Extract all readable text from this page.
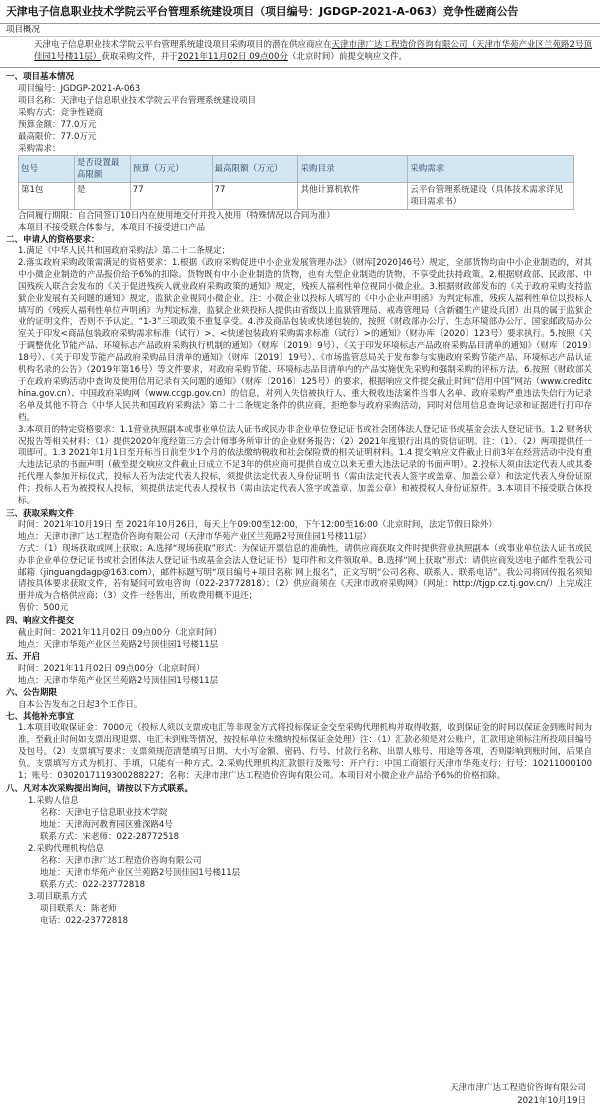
天津电子信息职业技术学院云平台管理系统建设项目（项目编号：JGDGP-2021-A-063）竞争性磋商公告
项目概况
天津电子信息职业技术学院云平台管理系统建设项目采购项目的潜在供应商应在天津市津广达工程造价咨询有限公司（天津市华苑产业区兰苑路2号顶佳园1号楼11层）获取采购文件，并于2021年11月02日 09点00分（北京时间）前提交响应文件。
一、项目基本情况
项目编号：JGDGP-2021-A-063
项目名称：天津电子信息职业技术学院云平台管理系统建设项目
采购方式：竞争性磋商
预算金额：77.0万元
最高限价：77.0万元
采购需求：
包号	是否设置最高限额	预算（万元）	最高限额（万元）	采购目录	采购需求
第1包	是	77	77	其他计算机软件	云平台管理系统建设（具体技术需求详见项目需求书）
合同履行期限：自合同签订10日内在使用地交付并投入使用（特殊情况以合同为准）
本项目不接受联合体参与，本项目不接受进口产品
二、申请人的资格要求：
1.满足《中华人民共和国政府采购法》第二十二条规定；
2.落实政府采购政策需满足的资格要求：1.根据《政府采购促进中小企业发展管理办法》（财库[2020]46号）规定，全部货物均由中小企业制造的，对其中小微企业制造的产品报价给予6%的扣除。货物既有中小企业制造的货物，也有大型企业制造的货物，不享受此扶持政策。2.根据财政部、民政部、中国残疾人联合会发布的《关于促进残疾人就业政府采购政策的通知》规定，残疾人福利性单位视同小微企业。3.根据财政部发布的《关于政府采购支持监狱企业发展有关问题的通知》规定，监狱企业视同小微企业。注：小微企业以投标人填写的《中小企业声明函》为判定标准，残疾人福利性单位以投标人填写的《残疾人福利性单位声明函》为判定标准，监狱企业须投标人提供由省级以上监狱管理局、戒毒管理局（含新疆生产建设兵团）出具的属于监狱企业的证明文件，否则不予认定。“1-3”三项政策不重复享受。4.涉及商品包装或快递包装的，按照《财政部办公厅、生态环境部办公厅、国家邮政局办公室关于印发<商品包装政府采购需求标准（试行）>、<快递包装政府采购需求标准（试行）>的通知》（财办库〔2020〕123号）要求执行。5.按照《关于调整优化节能产品、环境标志产品政府采购执行机制的通知》（财库〔2019〕9号）、《关于印发环境标志产品政府采购品目清单的通知》（财库〔2019〕18号）、《关于印发节能产品政府采购品目清单的通知》（财库〔2019〕19号）、《市场监管总局关于发布参与实施政府采购节能产品、环境标志产品认证机构名录的公告》（2019年第16号）等文件要求，对政府采购节能、环境标志品目清单内的产品实施优先采购和强制采购的评标方法。6.按照《财政部关于在政府采购活动中查询及使用信用记录有关问题的通知》（财库〔2016〕125号）的要求，根据响应文件提交截止时间“信用中国”网站（www.creditchina.gov.cn）、中国政府采购网（www.ccgp.gov.cn）的信息，对列入失信被执行人、重大税收违法案件当事人名单、政府采购严重违法失信行为记录名单及其他不符合《中华人民共和国政府采购法》第二十二条规定条件的供应商，拒绝参与政府采购活动，同时对信用信息查询记录和证据进行打印存档。
3.本项目的特定资格要求：1.1营业执照副本或事业单位法人证书或民办非企业单位登记证书或社会团体法人登记证书或基金会法人登记证书。1.2 财务状况报告等相关材料：（1）提供2020年度经第三方会计师事务所审计的企业财务报告；（2）2021年度银行出具的资信证明。注：（1）、（2）两项提供任一项即可。1.3 2021年1月1日至开标当日前至少1个月的依法缴纳税收和社会保险费的相关证明材料。1.4 提交响应文件截止日前3年在经营活动中没有重大违法记录的书面声明（截至提交响应文件截止日成立不足3年的供应商可提供自成立以来无重大违法记录的书面声明）。2.投标人须由法定代表人或其委托代理人参加开标仪式，投标人若为法定代表人投标，须提供法定代表人身份证明书（需由法定代表人签字或盖章、加盖公章）和法定代表人身份证原件；投标人若为被授权人投标，须提供法定代表人授权书（需由法定代表人签字或盖章、加盖公章）和被授权人身份证原件。3.本项目不接受联合体投标。
三、获取采购文件
时间：2021年10月19日 至 2021年10月26日，每天上午09:00至12:00，下午12:00至16:00（北京时间，法定节假日除外）
地点：天津市津广达工程造价咨询有限公司（天津市华苑产业区兰苑路2号顶佳园1号楼11层）
方式：（1）现场获取或网上获取；A.选择“现场获取”形式：为保证开票信息的准确性，请供应商获取文件时提供营业执照副本（或事业单位法人证书或民办非企业单位登记证书或社会团体法人登记证书或基金会法人登记证书）复印件和文件领取单。B.选择“网上获取”形式：请供应商发送电子邮件至我公司邮箱（jinguangdagp@163.com），邮件标题写明“项目编号+项目名称 网上报名”，正文写明“公司名称、联系人、联系电话”。我公司将回传报名须知请按具体要求获取文件，若有疑问可致电咨询（022-23772818）；（2）供应商须在《天津市政府采购网》（网址：http://tjgp.cz.tj.gov.cn/）上完成注册并成为合格供应商；（3）文件一经售出，所收费用概不退还；
售价：500元
四、响应文件提交
截止时间：2021年11月02日 09点00分（北京时间）
地点：天津市华苑产业区兰苑路2号顶佳园1号楼11层
五、开启
时间：2021年11月02日 09点00分（北京时间）
地点：天津市华苑产业区兰苑路2号顶佳园1号楼11层
六、公告期限
自本公告发布之日起3个工作日。
七、其他补充事宜
1.本项目收取保证金：7000元（投标人须以支票或电汇等非现金方式将投标保证金交至采购代理机构并取得收据，收到保证金的时间以保证金到账时间为准，至截止时间如支票出现退票、电汇未到账等情况，按投标单位未缴纳投标保证金处理）注：（1）汇款必须是对公账户，汇款用途须标注所投项目编号及包号。（2）支票填写要求：支票须规范清楚填写日期、大小写金额、密码、行号、付款行名称、出票人账号、用途等各项，否则影响到账时间，后果自负。支票填写方式为机打、手填，只能有一种方式。2.采购代理机构汇款银行及账号：开户行：中国工商银行天津市华苑支行；行号：102110001001；账号：0302017119300288227；名称：天津市津广达工程造价咨询有限公司。本项目对小微企业产品给予6%的价格扣除。
八、凡对本次采购提出询问，请按以下方式联系。
1.采购人信息
名称：天津电子信息职业技术学院
地址：天津海河教育园区雅深路4号
联系方式：宋老师：022-28772518
2.采购代理机构信息
名称：天津市津广达工程造价咨询有限公司
地址：天津市华苑产业区兰苑路2号顶佳园1号楼11层
联系方式：022-23772818
3.项目联系方式
项目联系人：陈老师
电话：022-23772818
天津市津广达工程造价咨询有限公司
2021年10月19日
